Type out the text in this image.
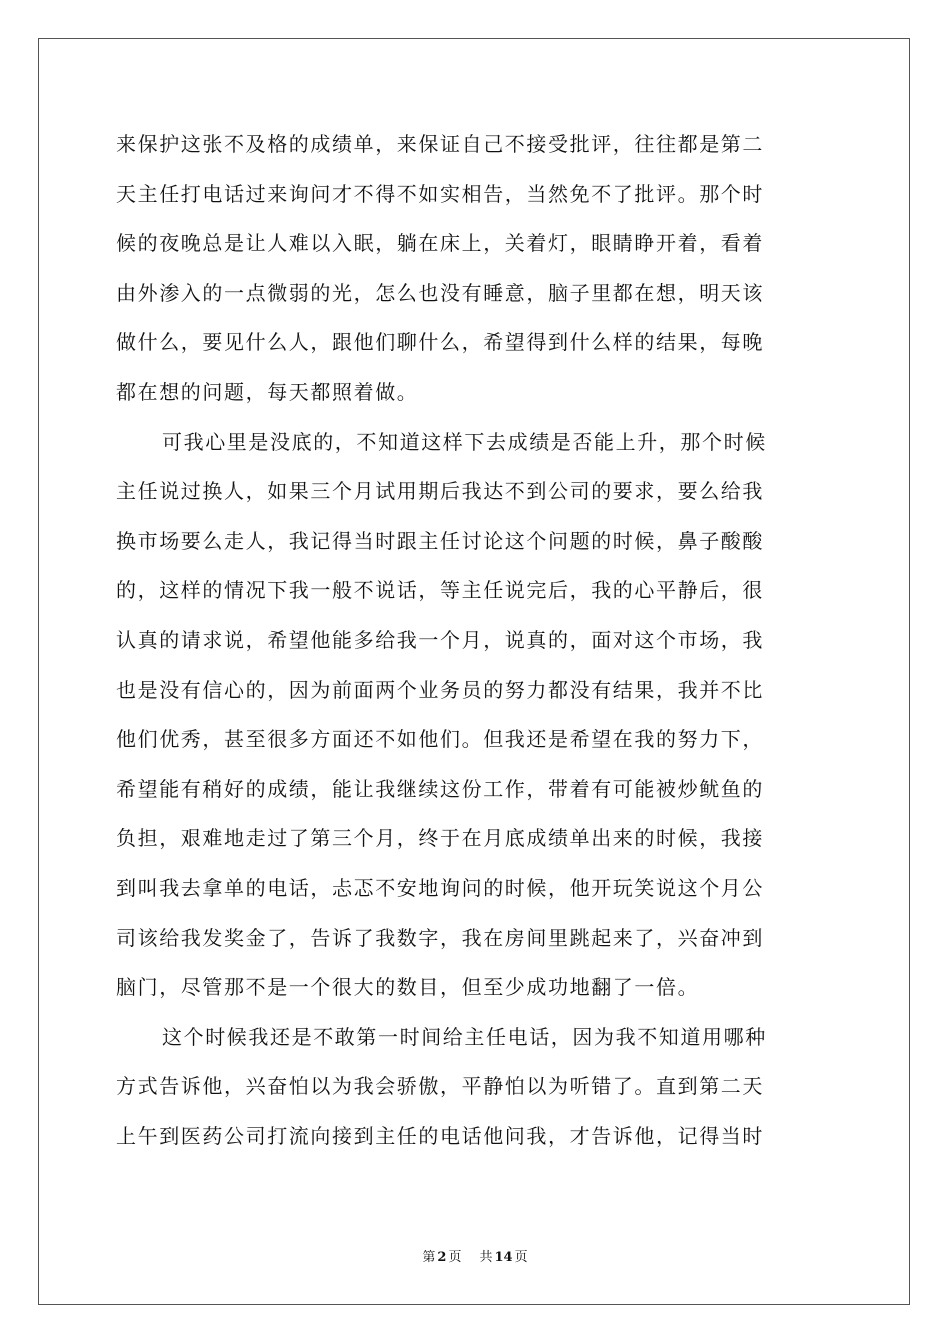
来保护这张不及格的成绩单，来保证自己不接受批评，往往都是第二
天主任打电话过来询问才不得不如实相告，当然免不了批评。那个时
候的夜晚总是让人难以入眠，躺在床上，关着灯，眼睛睁开着，看着
由外渗入的一点微弱的光，怎么也没有睡意，脑子里都在想，明天该
做什么，要见什么人，跟他们聊什么，希望得到什么样的结果，每晚
都在想的问题，每天都照着做。
可我心里是没底的，不知道这样下去成绩是否能上升，那个时候
主任说过换人，如果三个月试用期后我达不到公司的要求，要么给我
换市场要么走人，我记得当时跟主任讨论这个问题的时候，鼻子酸酸
的，这样的情况下我一般不说话，等主任说完后，我的心平静后，很
认真的请求说，希望他能多给我一个月，说真的，面对这个市场，我
也是没有信心的，因为前面两个业务员的努力都没有结果，我并不比
他们优秀，甚至很多方面还不如他们。但我还是希望在我的努力下，
希望能有稍好的成绩，能让我继续这份工作，带着有可能被炒鱿鱼的
负担，艰难地走过了第三个月，终于在月底成绩单出来的时候，我接
到叫我去拿单的电话，忐忑不安地询问的时候，他开玩笑说这个月公
司该给我发奖金了，告诉了我数字，我在房间里跳起来了，兴奋冲到
脑门，尽管那不是一个很大的数目，但至少成功地翻了一倍。
这个时候我还是不敢第一时间给主任电话，因为我不知道用哪种
方式告诉他，兴奋怕以为我会骄傲，平静怕以为听错了。直到第二天
上午到医药公司打流向接到主任的电话他问我，才告诉他，记得当时
第 2 页 共 14 页
